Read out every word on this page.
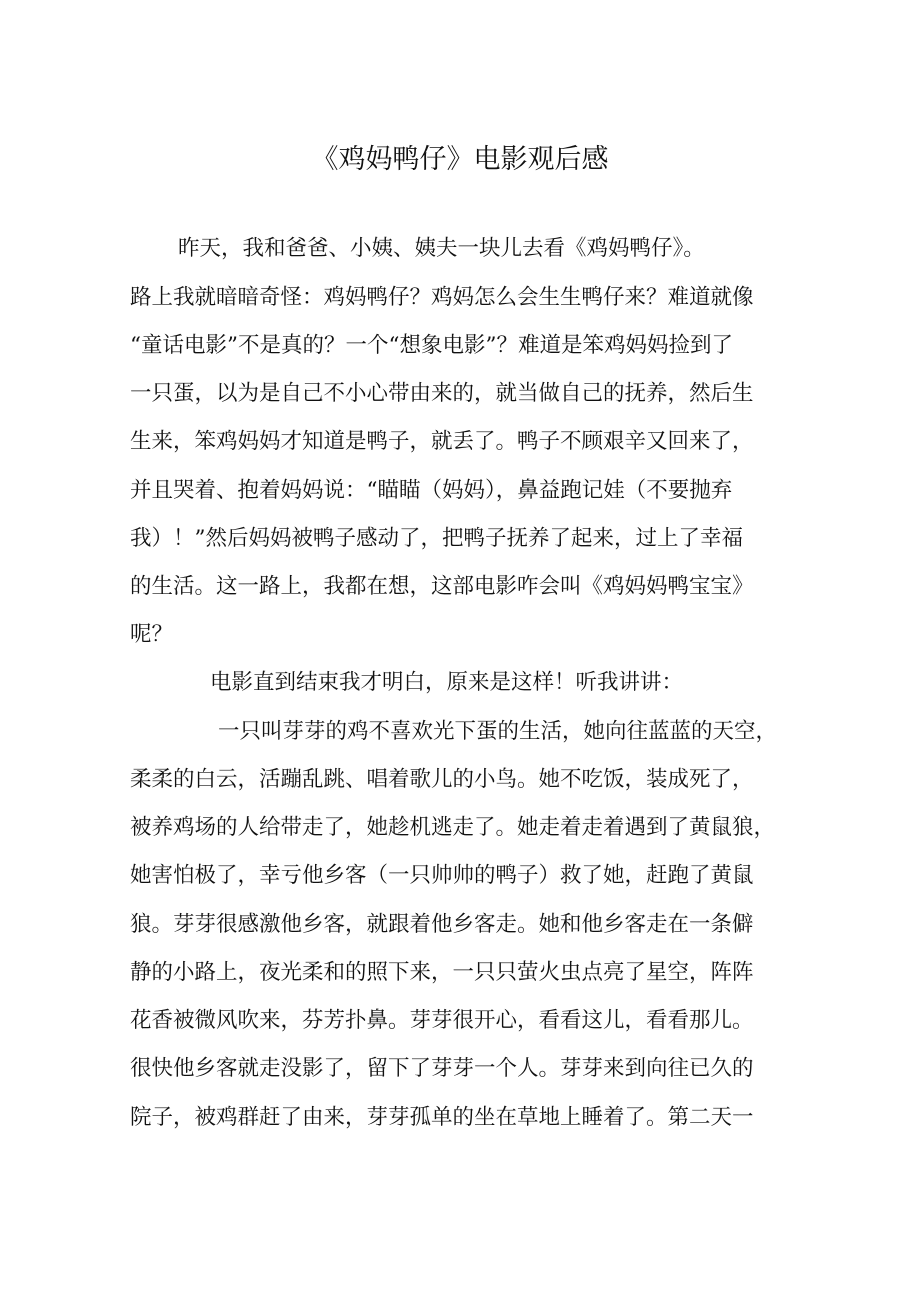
《鸡妈鸭仔》电影观后感
昨天，我和爸爸、小姨、姨夫一块儿去看《鸡妈鸭仔》。
路上我就暗暗奇怪：鸡妈鸭仔？鸡妈怎么会生生鸭仔来？难道就像
“童话电影”不是真的？一个“想象电影”？难道是笨鸡妈妈捡到了
一只蛋，以为是自己不小心带由来的，就当做自己的抚养，然后生
生来，笨鸡妈妈才知道是鸭子，就丢了。鸭子不顾艰辛又回来了，
并且哭着、抱着妈妈说：“瞄瞄（妈妈），鼻益跑记娃（不要抛弃
我）！”然后妈妈被鸭子感动了，把鸭子抚养了起来，过上了幸福
的生活。这一路上，我都在想，这部电影咋会叫《鸡妈妈鸭宝宝》
呢？
电影直到结束我才明白，原来是这样！听我讲讲：
一只叫芽芽的鸡不喜欢光下蛋的生活，她向往蓝蓝的天空，
柔柔的白云，活蹦乱跳、唱着歌儿的小鸟。她不吃饭，装成死了，
被养鸡场的人给带走了，她趁机逃走了。她走着走着遇到了黄鼠狼，
她害怕极了，幸亏他乡客（一只帅帅的鸭子）救了她，赶跑了黄鼠
狼。芽芽很感激他乡客，就跟着他乡客走。她和他乡客走在一条僻
静的小路上，夜光柔和的照下来，一只只萤火虫点亮了星空，阵阵
花香被微风吹来，芬芳扑鼻。芽芽很开心，看看这儿，看看那儿。
很快他乡客就走没影了，留下了芽芽一个人。芽芽来到向往已久的
院子，被鸡群赶了由来，芽芽孤单的坐在草地上睡着了。第二天一
